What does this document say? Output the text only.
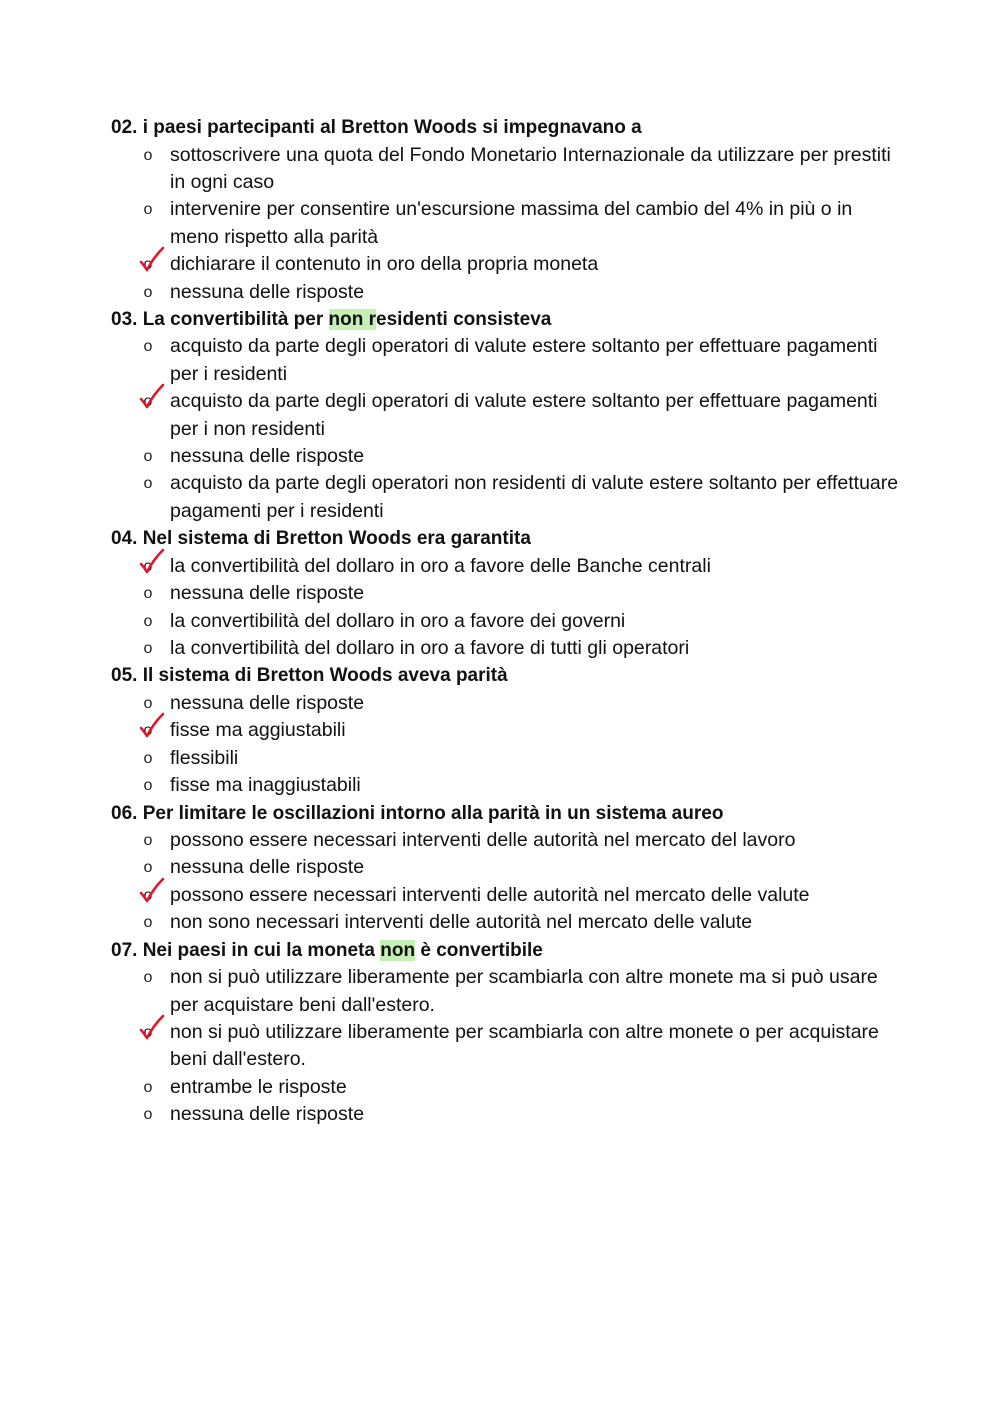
02. i paesi partecipanti al Bretton Woods si impegnavano a
o sottoscrivere una quota del Fondo Monetario Internazionale da utilizzare per prestiti in ogni caso
o intervenire per consentire un'escursione massima del cambio del 4% in più o in meno rispetto alla parità
o dichiarare il contenuto in oro della propria moneta
o nessuna delle risposte
03. La convertibilità per non residenti consisteva
o acquisto da parte degli operatori di valute estere soltanto per effettuare pagamenti per i residenti
o acquisto da parte degli operatori di valute estere soltanto per effettuare pagamenti per i non residenti
o nessuna delle risposte
o acquisto da parte degli operatori non residenti di valute estere soltanto per effettuare pagamenti per i residenti
04. Nel sistema di Bretton Woods era garantita
o la convertibilità del dollaro in oro a favore delle Banche centrali
o nessuna delle risposte
o la convertibilità del dollaro in oro a favore dei governi
o la convertibilità del dollaro in oro a favore di tutti gli operatori
05. Il sistema di Bretton Woods aveva parità
o nessuna delle risposte
o fisse ma aggiustabili
o flessibili
o fisse ma inaggiustabili
06. Per limitare le oscillazioni intorno alla parità in un sistema aureo
o possono essere necessari interventi delle autorità nel mercato del lavoro
o nessuna delle risposte
o possono essere necessari interventi delle autorità nel mercato delle valute
o non sono necessari interventi delle autorità nel mercato delle valute
07. Nei paesi in cui la moneta non è convertibile
o non si può utilizzare liberamente per scambiarla con altre monete ma si può usare per acquistare beni dall'estero.
o non si può utilizzare liberamente per scambiarla con altre monete o per acquistare beni dall'estero.
o entrambe le risposte
o nessuna delle risposte
